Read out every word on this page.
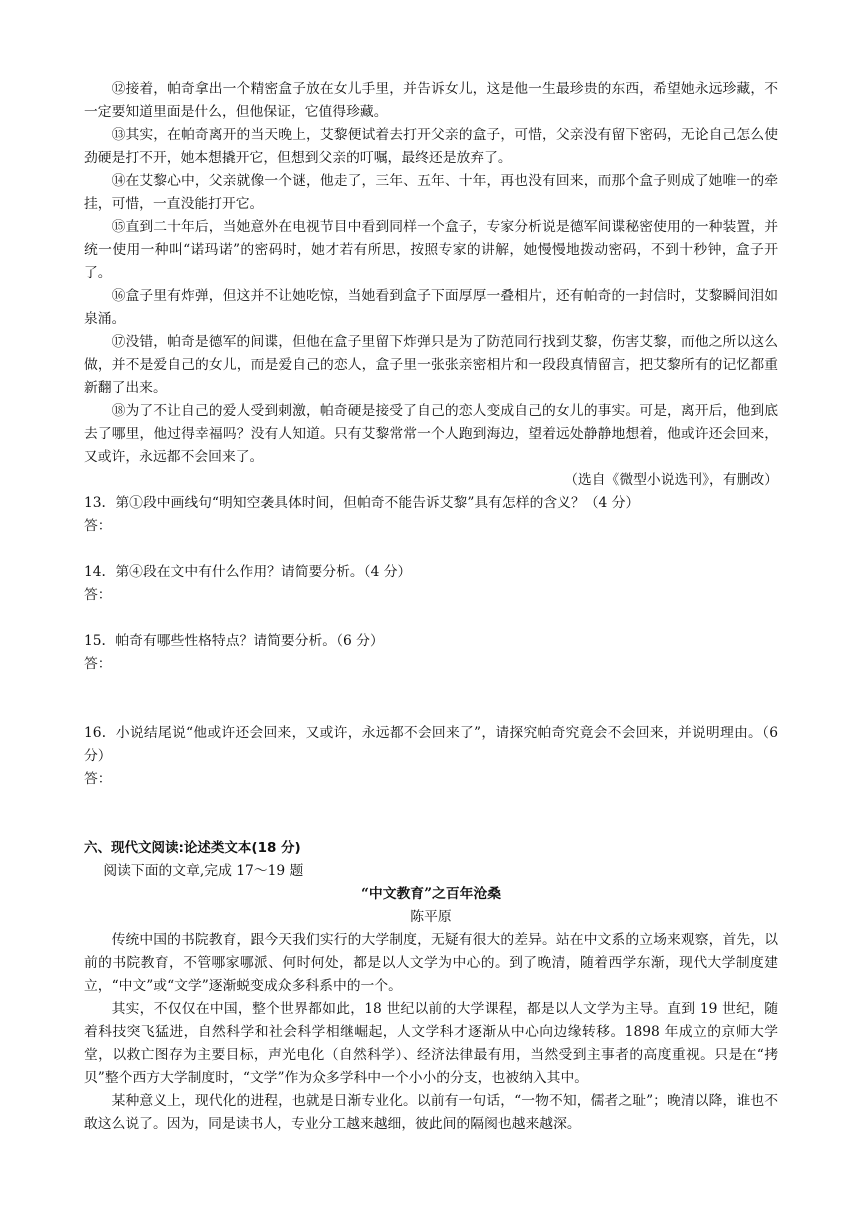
⑫接着，帕奇拿出一个精密盒子放在女儿手里，并告诉女儿，这是他一生最珍贵的东西，希望她永远珍藏，不一定要知道里面是什么，但他保证，它值得珍藏。

⑬其实，在帕奇离开的当天晚上，艾黎便试着去打开父亲的盒子，可惜，父亲没有留下密码，无论自己怎么使劲硬是打不开，她本想撬开它，但想到父亲的叮嘱，最终还是放弃了。

⑭在艾黎心中，父亲就像一个谜，他走了，三年、五年、十年，再也没有回来，而那个盒子则成了她唯一的牵挂，可惜，一直没能打开它。

⑮直到二十年后，当她意外在电视节目中看到同样一个盒子，专家分析说是德军间谍秘密使用的一种装置，并统一使用一种叫“诺玛诺”的密码时，她才若有所思，按照专家的讲解，她慢慢地拨动密码，不到十秒钟，盒子开了。

⑯盒子里有炸弹，但这并不让她吃惊，当她看到盒子下面厚厚一叠相片，还有帕奇的一封信时，艾黎瞬间泪如泉涌。

⑰没错，帕奇是德军的间谍，但他在盒子里留下炸弹只是为了防范同行找到艾黎，伤害艾黎，而他之所以这么做，并不是爱自己的女儿，而是爱自己的恋人，盒子里一张张亲密相片和一段段真情留言，把艾黎所有的记忆都重新翻了出来。

⑱为了不让自己的爱人受到刺激，帕奇硬是接受了自己的恋人变成自己的女儿的事实。可是，离开后，他到底去了哪里，他过得幸福吗？没有人知道。只有艾黎常常一个人跑到海边，望着远处静静地想着，他或许还会回来，又或许，永远都不会回来了。

（选自《微型小说选刊》，有删改）

13．第①段中画线句“明知空袭具体时间，但帕奇不能告诉艾黎”具有怎样的含义？（4 分）

答：

14．第④段在文中有什么作用？请简要分析。（4 分）

答：

15．帕奇有哪些性格特点？请简要分析。（6 分）

答：

16．小说结尾说“他或许还会回来，又或许，永远都不会回来了”，请探究帕奇究竟会不会回来，并说明理由。（6 分）

答：

六、现代文阅读:论述类文本(18 分)

阅读下面的文章,完成 17～19 题

“中文教育”之百年沧桑

陈平原

传统中国的书院教育，跟今天我们实行的大学制度，无疑有很大的差异。站在中文系的立场来观察，首先，以前的书院教育，不管哪家哪派、何时何处，都是以人文学为中心的。到了晚清，随着西学东渐，现代大学制度建立，“中文”或“文学”逐渐蜕变成众多科系中的一个。

其实，不仅仅在中国，整个世界都如此，18 世纪以前的大学课程，都是以人文学为主导。直到 19 世纪，随着科技突飞猛进，自然科学和社会科学相继崛起，人文学科才逐渐从中心向边缘转移。1898 年成立的京师大学堂，以救亡图存为主要目标，声光电化（自然科学）、经济法律最有用，当然受到主事者的高度重视。只是在“拷贝”整个西方大学制度时，“文学”作为众多学科中一个小小的分支，也被纳入其中。

某种意义上，现代化的进程，也就是日渐专业化。以前有一句话，“一物不知，儒者之耻”；晚清以降，谁也不敢这么说了。因为，同是读书人，专业分工越来越细，彼此间的隔阂也越来越深。
